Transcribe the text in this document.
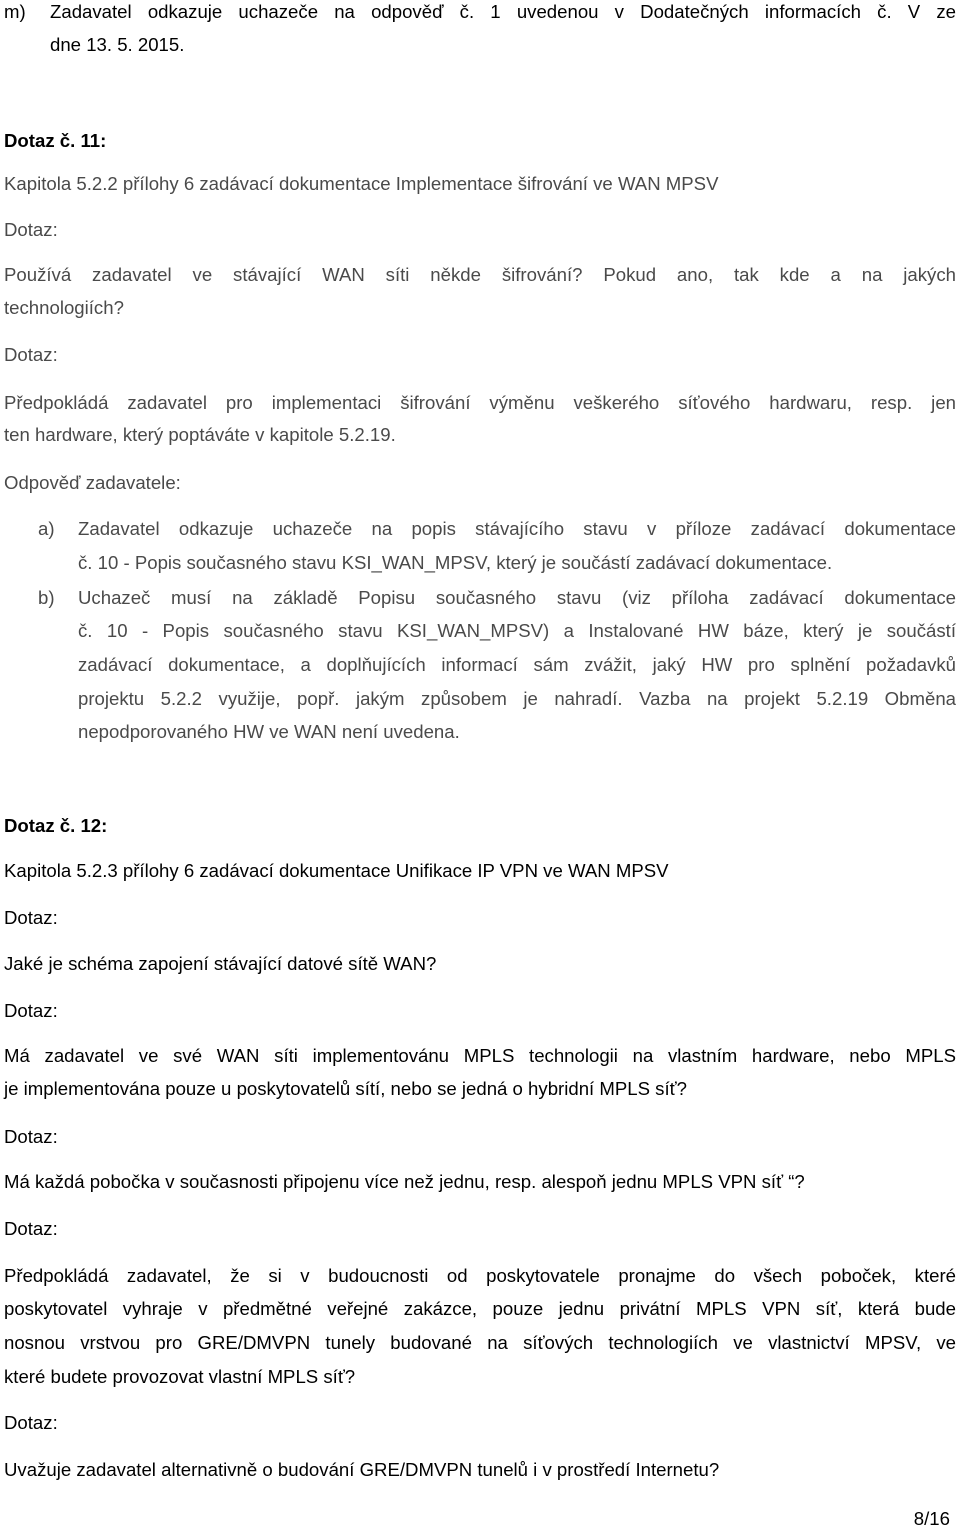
m) Zadavatel odkazuje uchazeče na odpověď č. 1 uvedenou v Dodatečných informacích č. V ze
dne 13. 5. 2015.
Dotaz č. 11:
Kapitola 5.2.2 přílohy 6 zadávací dokumentace Implementace šifrování ve WAN MPSV
Dotaz:
Používá zadavatel ve stávající WAN síti někde šifrování? Pokud ano, tak kde a na jakých
technologiích?
Dotaz:
Předpokládá zadavatel pro implementaci šifrování výměnu veškerého síťového hardwaru, resp. jen
ten hardware, který poptáváte v kapitole 5.2.19.
Odpověď zadavatele:
a) Zadavatel odkazuje uchazeče na popis stávajícího stavu v příloze zadávací dokumentace
č. 10 - Popis současného stavu KSI_WAN_MPSV, který je součástí zadávací dokumentace.
b) Uchazeč musí na základě Popisu současného stavu (viz příloha zadávací dokumentace
č. 10 - Popis současného stavu KSI_WAN_MPSV) a Instalované HW báze, který je součástí
zadávací dokumentace, a doplňujících informací sám zvážit, jaký HW pro splnění požadavků
projektu 5.2.2 využije, popř. jakým způsobem je nahradí. Vazba na projekt 5.2.19 Obměna
nepodporovaného HW ve WAN není uvedena.
Dotaz č. 12:
Kapitola 5.2.3 přílohy 6 zadávací dokumentace Unifikace IP VPN ve WAN MPSV
Dotaz:
Jaké je schéma zapojení stávající datové sítě WAN?
Dotaz:
Má zadavatel ve své WAN síti implementovánu MPLS technologii na vlastním hardware, nebo MPLS
je implementována pouze u poskytovatelů sítí, nebo se jedná o hybridní MPLS síť?
Dotaz:
Má každá pobočka v současnosti připojenu více než jednu, resp. alespoň jednu MPLS VPN síť “?
Dotaz:
Předpokládá zadavatel, že si v budoucnosti od poskytovatele pronajme do všech poboček, které
poskytovatel vyhraje v předmětné veřejné zakázce, pouze jednu privátní MPLS VPN síť, která bude
nosnou vrstvou pro GRE/DMVPN tunely budované na síťových technologiích ve vlastnictví MPSV, ve
které budete provozovat vlastní MPLS síť?
Dotaz:
Uvažuje zadavatel alternativně o budování GRE/DMVPN tunelů i v prostředí Internetu?
8/16
